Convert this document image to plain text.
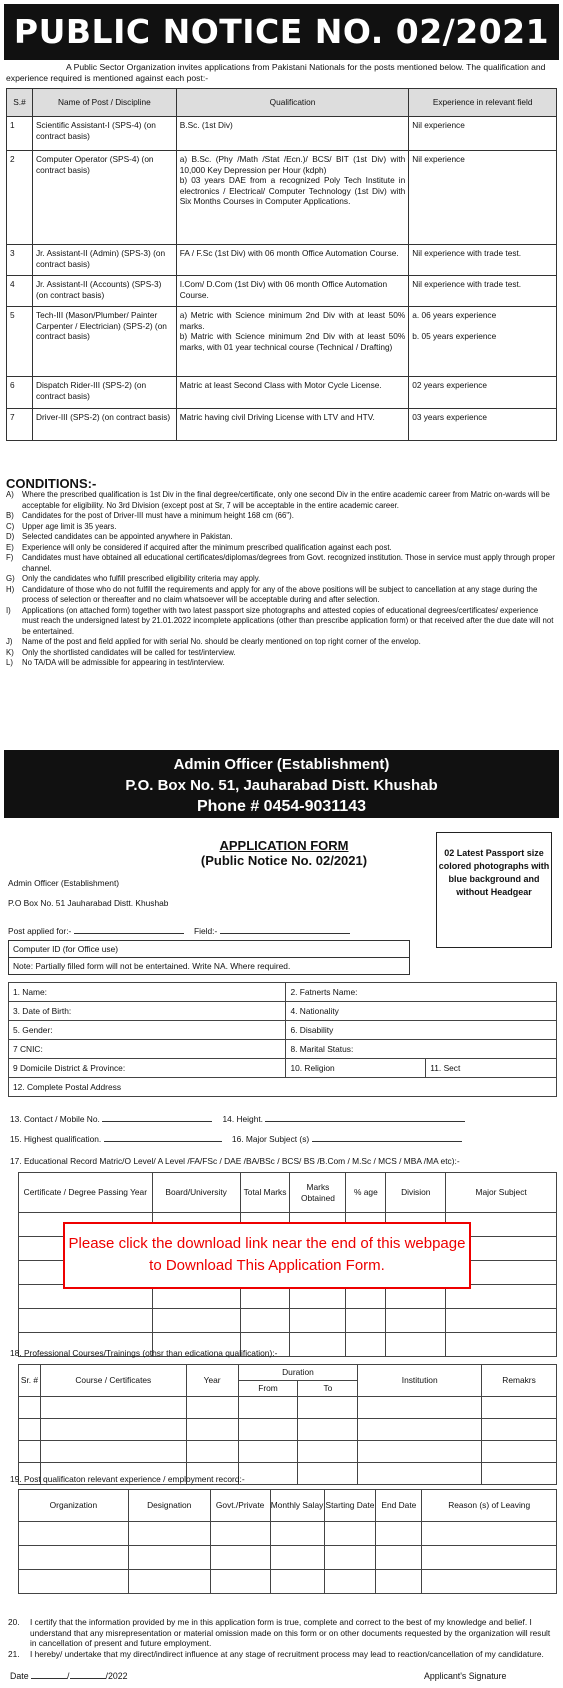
PUBLIC NOTICE NO. 02/2021

A Public Sector Organization invites applications from Pakistani Nationals for the posts mentioned below. The qualification and experience required is mentioned against each post:-

S.#	Name of Post / Discipline	Qualification	Experience in relevant field
1	Scientific Assistant-I (SPS-4) (on contract basis)	B.Sc. (1st Div)	Nil experience
2	Computer Operator (SPS-4) (on contract basis)	a) B.Sc. (Phy /Math /Stat /Ecn.)/ BCS/ BIT (1st Div) with 10,000 Key Depression per Hour (kdph)
b) 03 years DAE from a recognized Poly Tech Institute in electronics / Electrical/ Computer Technology (1st Div) with Six Months Courses in Computer Applications.	Nil experience
3	Jr. Assistant-II (Admin) (SPS-3) (on contract basis)	FA / F.Sc (1st Div) with 06 month Office Automation Course.	Nil experience with trade test.
4	Jr. Assistant-II (Accounts) (SPS-3) (on contract basis)	I.Com/ D.Com (1st Div) with 06 month Office Automation Course.	Nil experience with trade test.
5	Tech-III (Mason/Plumber/ Painter Carpenter / Electrician) (SPS-2) (on contract basis)	a) Metric with Science minimum 2nd Div with at least 50% marks.
b) Matric with Science minimum 2nd Div with at least 50% marks, with 01 year technical course (Technical / Drafting)	a. 06 years experience

b. 05 years experience
6	Dispatch Rider-III (SPS-2) (on contract basis)	Matric at least Second Class with Motor Cycle License.	02 years experience
7	Driver-III (SPS-2) (on contract basis)	Matric having civil Driving License with LTV and HTV.	03 years experience
CONDITIONS:-
A)	Where the prescribed qualification is 1st Div in the final degree/certificate, only one second Div in the entire academic career from Matric on-wards will be acceptable for eligibility. No 3rd Division (except post at Sr, 7 will be acceptable in the entire academic career.
B)	Candidates for the post of Driver-III must have a minimum height 168 cm (66").
C) Upper age limit is 35 years.
D) Selected candidates can be appointed anywhere in Pakistan.
E)	Experience will only be considered if acquired after the minimum prescribed qualification against each post.
F)	Candidates must have obtained all educational certificates/diplomas/degrees from Govt. recognized institution. Those in service must apply through proper channel.
G) Only the candidates who fulfill prescribed eligibility criteria may apply.
H) Candidature of those who do not fulfill the requirements and apply for any of the above positions will be subject to cancellation at any stage during the process of selection or thereafter and no claim whatsoever will be acceptable during and after selection.
I)	Applications (on attached form) together with two latest passport size photographs and attested copies of educational degrees/certificates/ experience must reach the undersigned latest by 21.01.2022 incomplete applications (other than prescribe application form) or that received after the due date will not be entertained.
J)	Name of the post and field applied for with serial No. should be clearly mentioned on top right corner of the envelop.
K)	Only the shortlisted candidates will be called for test/interview.
L)	No TA/DA will be admissible for appearing in test/interview.
Admin Officer (Establishment)
P.O. Box No. 51, Jauharabad Distt. Khushab
Phone # 0454-9031143
APPLICATION FORM
(Public Notice No. 02/2021)	02 Latest Passport size colored photographs with blue background and without Headgear
Admin Officer (Establishment)
P.O Box No. 51 Jauharabad Distt. Khushab
Post applied for:-	Field:-
Computer ID (for Office use)
Note: Partially filled form will not be entertained. Write NA. Where required.
1. Name:	2. Fatnerts Name:	
3. Date of Birth:	4. Nationality	
5. Gender:	6. Disability	
7 CNIC:	8. Marital Status:	
9 Domicile District & Province:	10. Religion	11. Sect
12. Complete Postal Address		
13. Contact / Mobile No.	14. Height.
15. Highest qualification.	16. Major Subject (s)
17. Educational Record Matric/O Level/ A Level /FA/FSc / DAE /BA/BSc / BCS/ BS /B.Com / M.Sc / MCS / MBA /MA etc):-
Certificate / Degree Passing Year	Board/University	Total Marks	Marks Obtained	% age	Division	Major Subject

Please click the download link near the end of this webpage to Download This Application Form.
18. Professional Courses/Trainings (othsr than edicationa qualification):-
Sr. #	Course / Certificates	Year	Duration		Institution	Remakrs
			From	To		

19. Post qualificaton relevant experience / employment record:-
Organization	Designation	Govt./Private	Monthly Salay	Starting Date	End Date	Reason (s) of Leaving

20.	I certify that the information provided by me in this application form is true, complete and correct to the best of my knowledge and belief. I understand that any misrepresentation or material omission made on this form or on other documents requested by the organization will result in cancellation of present and future employment.
21.	I hereby/ undertake that my direct/indirect influence at any stage of recruitment process may lead to reaction/cancellation of my candidature.
Date	/	/2022	Applicant's Signature
